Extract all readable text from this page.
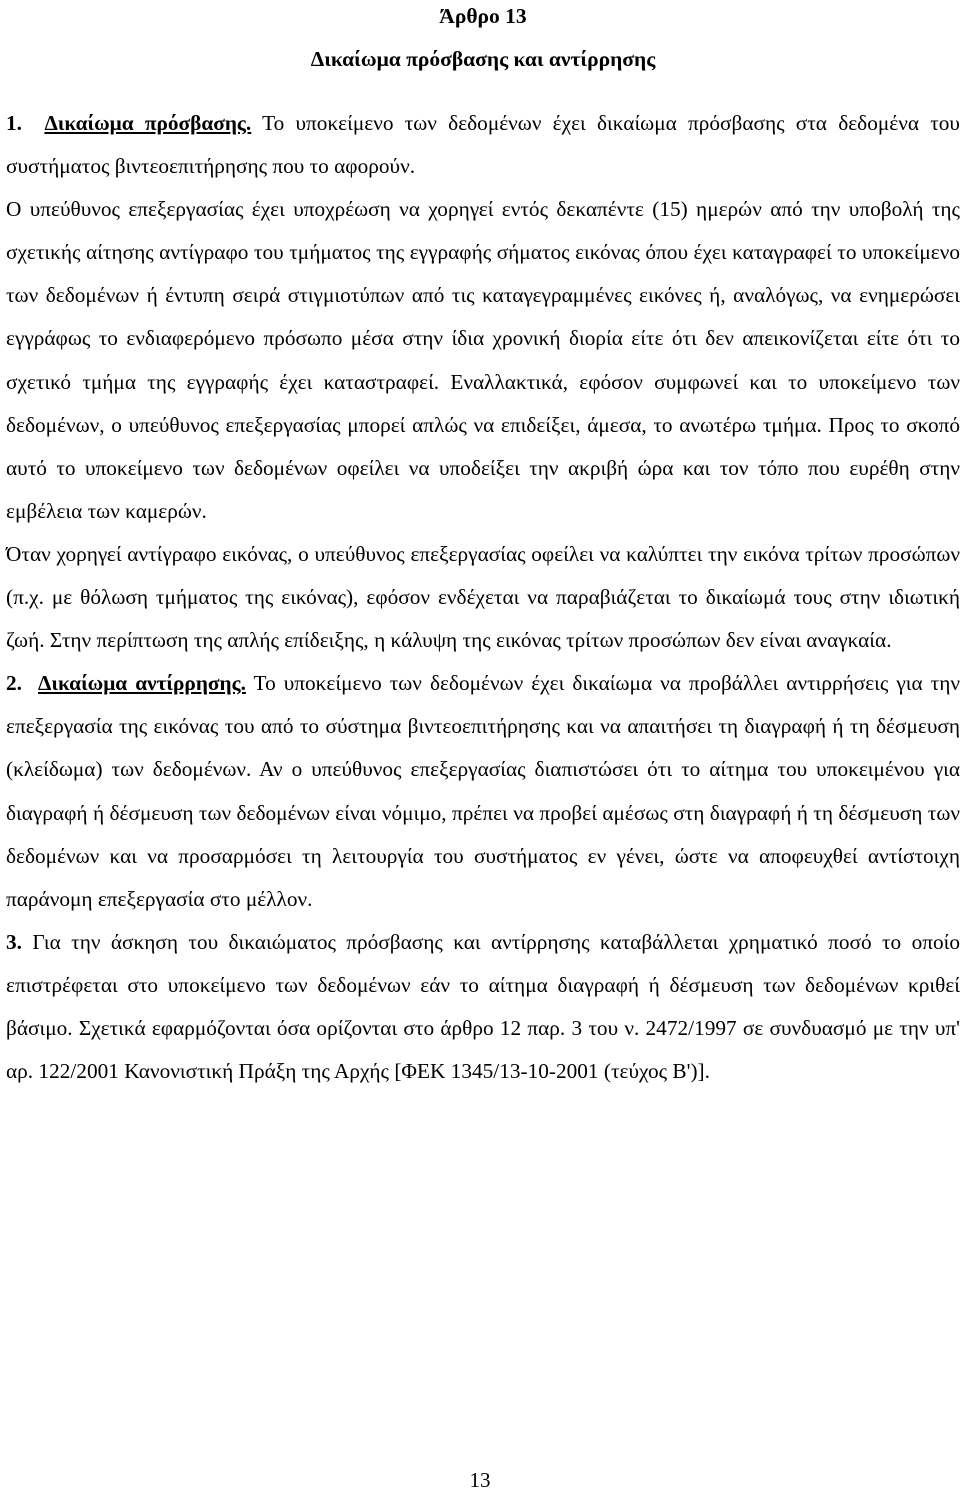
Άρθρο 13
Δικαίωμα πρόσβασης και αντίρρησης

1. Δικαίωμα πρόσβασης. Το υποκείμενο των δεδομένων έχει δικαίωμα πρόσβασης στα δεδομένα του συστήματος βιντεοεπιτήρησης που το αφορούν.

Ο υπεύθυνος επεξεργασίας έχει υποχρέωση να χορηγεί εντός δεκαπέντε (15) ημερών από την υποβολή της σχετικής αίτησης αντίγραφο του τμήματος της εγγραφής σήματος εικόνας όπου έχει καταγραφεί το υποκείμενο των δεδομένων ή έντυπη σειρά στιγμιοτύπων από τις καταγεγραμμένες εικόνες ή, αναλόγως, να ενημερώσει εγγράφως το ενδιαφερόμενο πρόσωπο μέσα στην ίδια χρονική διορία είτε ότι δεν απεικονίζεται είτε ότι το σχετικό τμήμα της εγγραφής έχει καταστραφεί. Εναλλακτικά, εφόσον συμφωνεί και το υποκείμενο των δεδομένων, ο υπεύθυνος επεξεργασίας μπορεί απλώς να επιδείξει, άμεσα, το ανωτέρω τμήμα. Προς το σκοπό αυτό το υποκείμενο των δεδομένων οφείλει να υποδείξει την ακριβή ώρα και τον τόπο που ευρέθη στην εμβέλεια των καμερών.

Όταν χορηγεί αντίγραφο εικόνας, ο υπεύθυνος επεξεργασίας οφείλει να καλύπτει την εικόνα τρίτων προσώπων (π.χ. με θόλωση τμήματος της εικόνας), εφόσον ενδέχεται να παραβιάζεται το δικαίωμά τους στην ιδιωτική ζωή. Στην περίπτωση της απλής επίδειξης, η κάλυψη της εικόνας τρίτων προσώπων δεν είναι αναγκαία.

2. Δικαίωμα αντίρρησης. Το υποκείμενο των δεδομένων έχει δικαίωμα να προβάλλει αντιρρήσεις για την επεξεργασία της εικόνας του από το σύστημα βιντεοεπιτήρησης και να απαιτήσει τη διαγραφή ή τη δέσμευση (κλείδωμα) των δεδομένων. Αν ο υπεύθυνος επεξεργασίας διαπιστώσει ότι το αίτημα του υποκειμένου για διαγραφή ή δέσμευση των δεδομένων είναι νόμιμο, πρέπει να προβεί αμέσως στη διαγραφή ή τη δέσμευση των δεδομένων και να προσαρμόσει τη λειτουργία του συστήματος εν γένει, ώστε να αποφευχθεί αντίστοιχη παράνομη επεξεργασία στο μέλλον.

3. Για την άσκηση του δικαιώματος πρόσβασης και αντίρρησης καταβάλλεται χρηματικό ποσό το οποίο επιστρέφεται στο υποκείμενο των δεδομένων εάν το αίτημα διαγραφή ή δέσμευση των δεδομένων κριθεί βάσιμο. Σχετικά εφαρμόζονται όσα ορίζονται στο άρθρο 12 παρ. 3 του ν. 2472/1997 σε συνδυασμό με την υπ' αρ. 122/2001 Κανονιστική Πράξη της Αρχής [ΦΕΚ 1345/13-10-2001 (τεύχος Β')].

13
